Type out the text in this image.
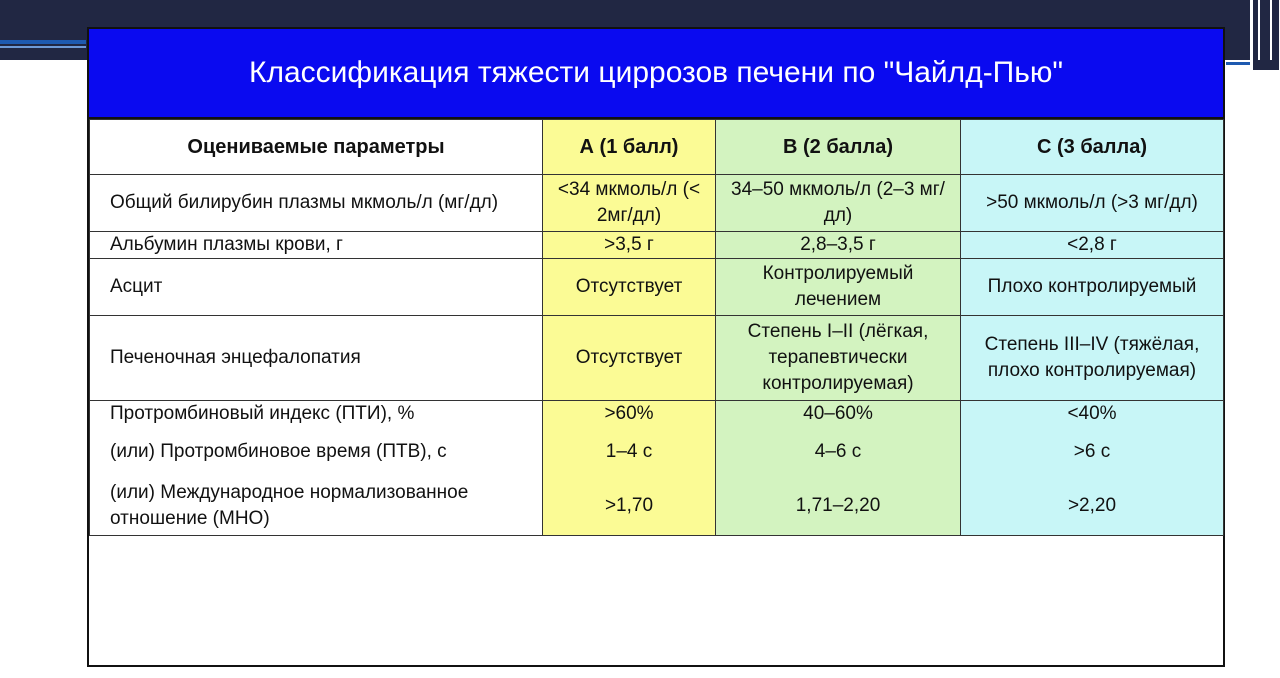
Классификация тяжести циррозов печени по "Чайлд-Пью"
Оцениваемые параметры	А (1 балл)	В (2 балла)	С (3 балла)
Общий билирубин плазмы мкмоль/л (мг/дл)	<34 мкмоль/л (< 2мг/дл)	34–50 мкмоль/л (2–3 мг/дл)	>50 мкмоль/л (>3 мг/дл)
Альбумин плазмы крови, г	>3,5 г	2,8–3,5 г	<2,8 г
Асцит	Отсутствует	Контролируемый лечением	Плохо контролируемый
Печеночная энцефалопатия	Отсутствует	Степень I–II (лёгкая, терапевтически контролируемая)	Степень III–IV (тяжёлая, плохо контролируемая)
Протромбиновый индекс (ПТИ), %	>60%	40–60%	<40%
(или) Протромбиновое время (ПТВ), с	1–4 с	4–6 с	>6 с
(или) Международное нормализованное отношение (МНО)	>1,70	1,71–2,20	>2,20
